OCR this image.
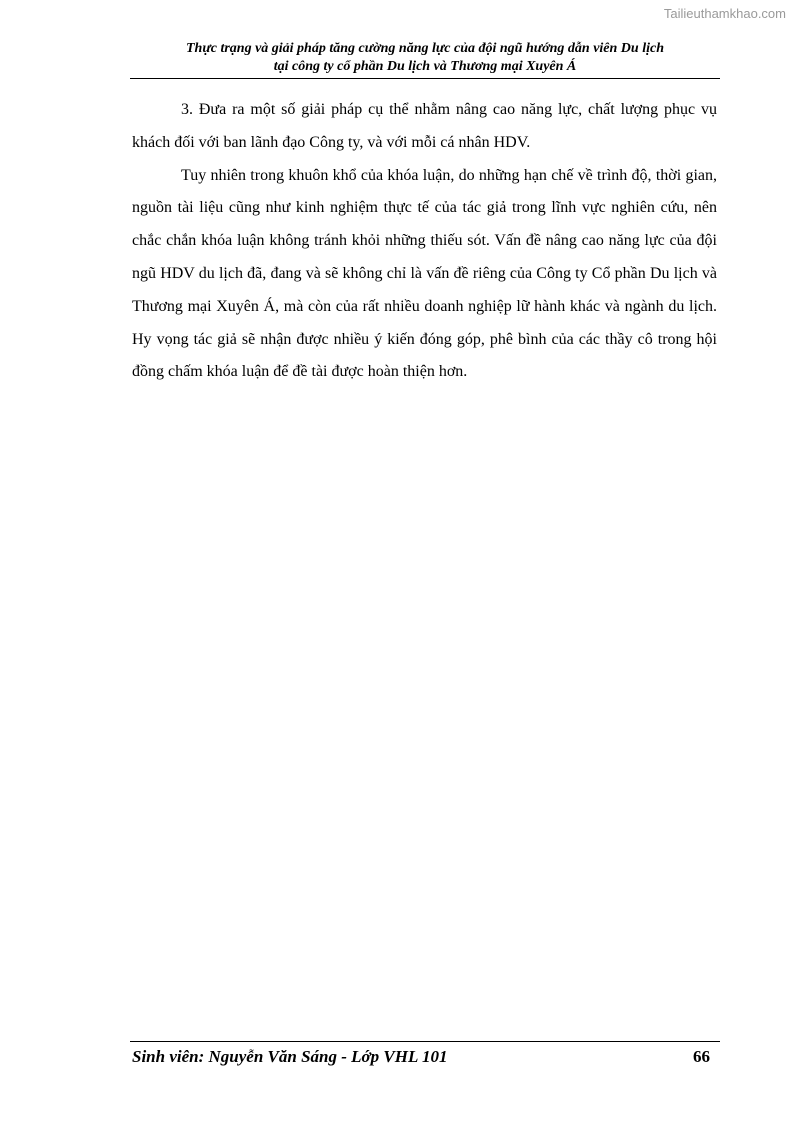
Tailieuthamkhao.com
Thực trạng và giải pháp tăng cường năng lực của đội ngũ hướng dẫn viên Du lịch
tại công ty cổ phần Du lịch và Thương mại Xuyên Á

3. Đưa ra một số giải pháp cụ thể nhằm nâng cao năng lực, chất lượng phục vụ khách đối với ban lãnh đạo Công ty, và với mỗi cá nhân HDV.

Tuy nhiên trong khuôn khổ của khóa luận, do những hạn chế về trình độ, thời gian, nguồn tài liệu cũng như kinh nghiệm thực tế của tác giả trong lĩnh vực nghiên cứu, nên chắc chắn khóa luận không tránh khỏi những thiếu sót. Vấn đề nâng cao năng lực của đội ngũ HDV du lịch đã, đang và sẽ không chỉ là vấn đề riêng của Công ty Cổ phần Du lịch và Thương mại Xuyên Á, mà còn của rất nhiều doanh nghiệp lữ hành khác và ngành du lịch. Hy vọng tác giả sẽ nhận được nhiều ý kiến đóng góp, phê bình của các thầy cô trong hội đồng chấm khóa luận để đề tài được hoàn thiện hơn.

Sinh viên: Nguyễn Văn Sáng - Lớp VHL 101	66
